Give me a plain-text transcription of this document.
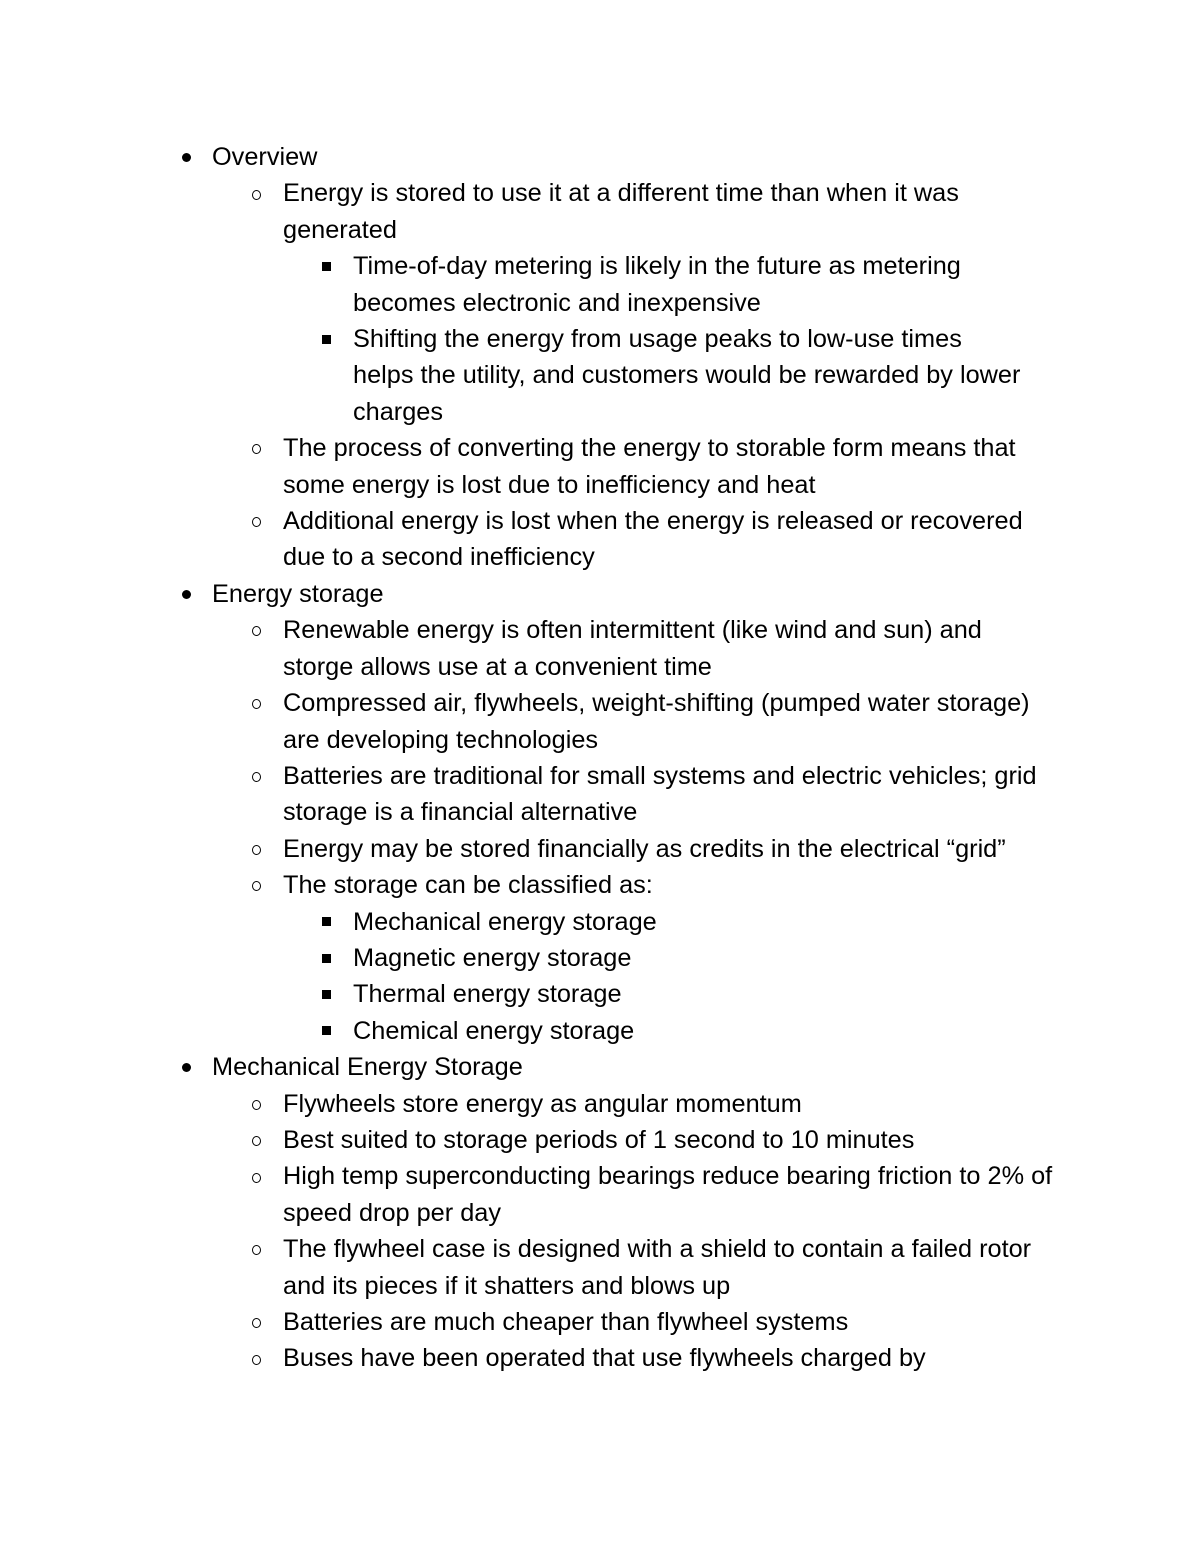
Overview
Energy is stored to use it at a different time than when it was generated
Time-of-day metering is likely in the future as metering becomes electronic and inexpensive
Shifting the energy from usage peaks to low-use times helps the utility, and customers would be rewarded by lower charges
The process of converting the energy to storable form means that some energy is lost due to inefficiency and heat
Additional energy is lost when the energy is released or recovered due to a second inefficiency
Energy storage
Renewable energy is often intermittent (like wind and sun) and storge allows use at a convenient time
Compressed air, flywheels, weight-shifting (pumped water storage) are developing technologies
Batteries are traditional for small systems and electric vehicles; grid storage is a financial alternative
Energy may be stored financially as credits in the electrical “grid”
The storage can be classified as:
Mechanical energy storage
Magnetic energy storage
Thermal energy storage
Chemical energy storage
Mechanical Energy Storage
Flywheels store energy as angular momentum
Best suited to storage periods of 1 second to 10 minutes
High temp superconducting bearings reduce bearing friction to 2% of speed drop per day
The flywheel case is designed with a shield to contain a failed rotor and its pieces if it shatters and blows up
Batteries are much cheaper than flywheel systems
Buses have been operated that use flywheels charged by
